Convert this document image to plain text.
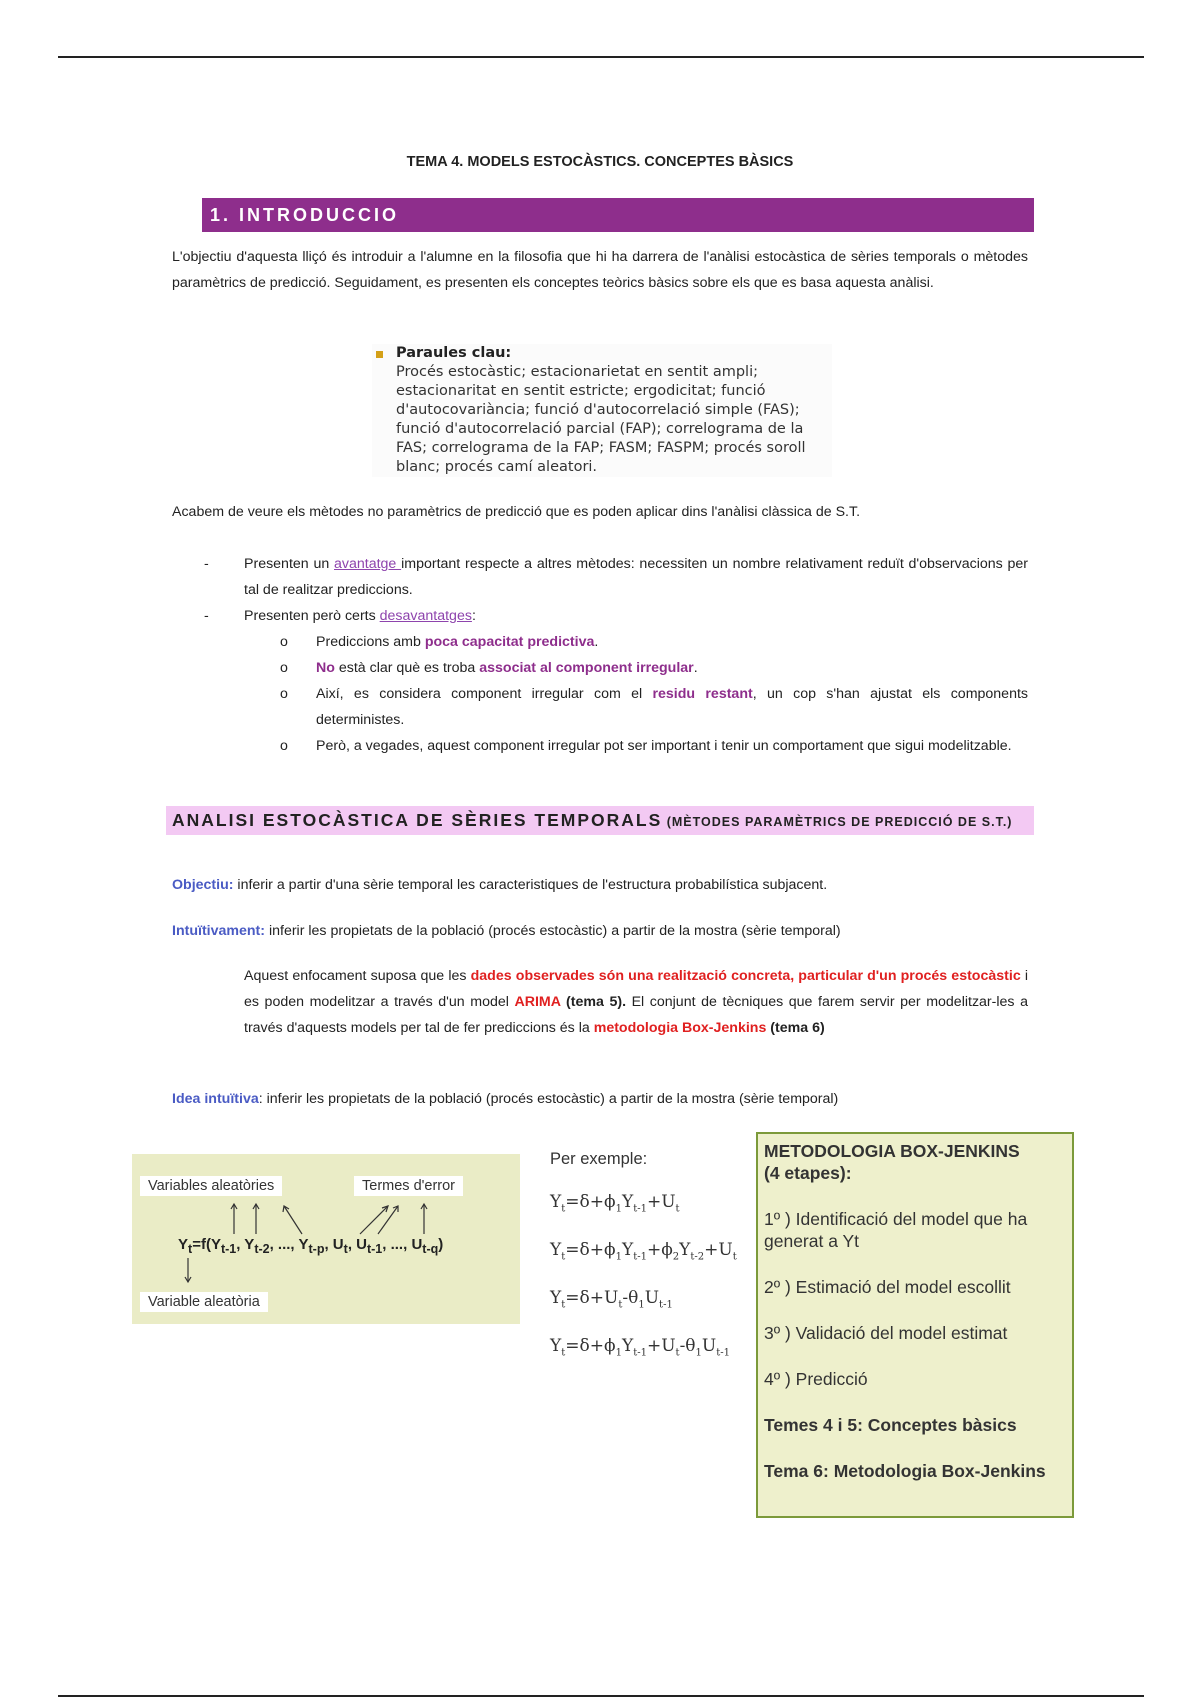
TEMA 4. MODELS ESTOCÀSTICS. CONCEPTES BÀSICS
1. INTRODUCCIO
L'objectiu d'aquesta lliçó és introduir a l'alumne en la filosofia que hi ha darrera de l'anàlisi estocàstica de sèries temporals o mètodes paramètrics de predicció. Seguidament, es presenten els conceptes teòrics bàsics sobre els que es basa aquesta anàlisi.
Paraules clau:
Procés estocàstic; estacionarietat en sentit ampli; estacionaritat en sentit estricte; ergodicitat; funció d'autocovariància; funció d'autocorrelació simple (FAS); funció d'autocorrelació parcial (FAP); correlograma de la FAS; correlograma de la FAP; FASM; FASPM; procés soroll blanc; procés camí aleatori.
Acabem de veure els mètodes no paramètrics de predicció que es poden aplicar dins l'anàlisi clàssica de S.T.
- Presenten un avantatge important respecte a altres mètodes: necessiten un nombre relativament reduït d'observacions per tal de realitzar prediccions.
- Presenten però certs desavantatges:
o Prediccions amb poca capacitat predictiva.
o No està clar què es troba associat al component irregular.
o Així, es considera component irregular com el residu restant, un cop s'han ajustat els components deterministes.
o Però, a vegades, aquest component irregular pot ser important i tenir un comportament que sigui modelitzable.
ANALISI ESTOCÀSTICA DE SÈRIES TEMPORALS (MÈTODES PARAMÈTRICS DE PREDICCIÓ DE S.T.)
Objectiu: inferir a partir d'una sèrie temporal les caracteristiques de l'estructura probabilística subjacent.
Intuïtivament: inferir les propietats de la població (procés estocàstic) a partir de la mostra (sèrie temporal)
Aquest enfocament suposa que les dades observades són una realització concreta, particular d'un procés estocàstic i es poden modelitzar a través d'un model ARIMA (tema 5). El conjunt de tècniques que farem servir per modelitzar-les a través d'aquests models per tal de fer prediccions és la metodologia Box-Jenkins (tema 6)
Idea intuïtiva: inferir les propietats de la població (procés estocàstic) a partir de la mostra (sèrie temporal)
Variables aleatòries	Termes d'error
$Y_t=f(Y_{t-1}$, $Y_{t-2}$, ..., $Y_{t-p}$, $U_t$, $U_{t-1}$, ..., $U_{t-q}$)
Variable aleatòria
Per exemple:
$Y_t=\delta+\phi_1Y_{t-1}+U_t$
$Y_t=\delta+\phi_1Y_{t-1}+\phi_2Y_{t-2}+U_t$
$Y_t=\delta+U_t-\theta_1U_{t-1}$
$Y_t=\delta+\phi_1Y_{t-1}+U_t-\theta_1U_{t-1}$
METODOLOGIA BOX-JENKINS
(4 etapes):
1º ) Identificació del model que ha generat a Yt
2º ) Estimació del model escollit
3º ) Validació del model estimat
4º ) Predicció
Temes 4 i 5: Conceptes bàsics
Tema 6: Metodologia Box-Jenkins
